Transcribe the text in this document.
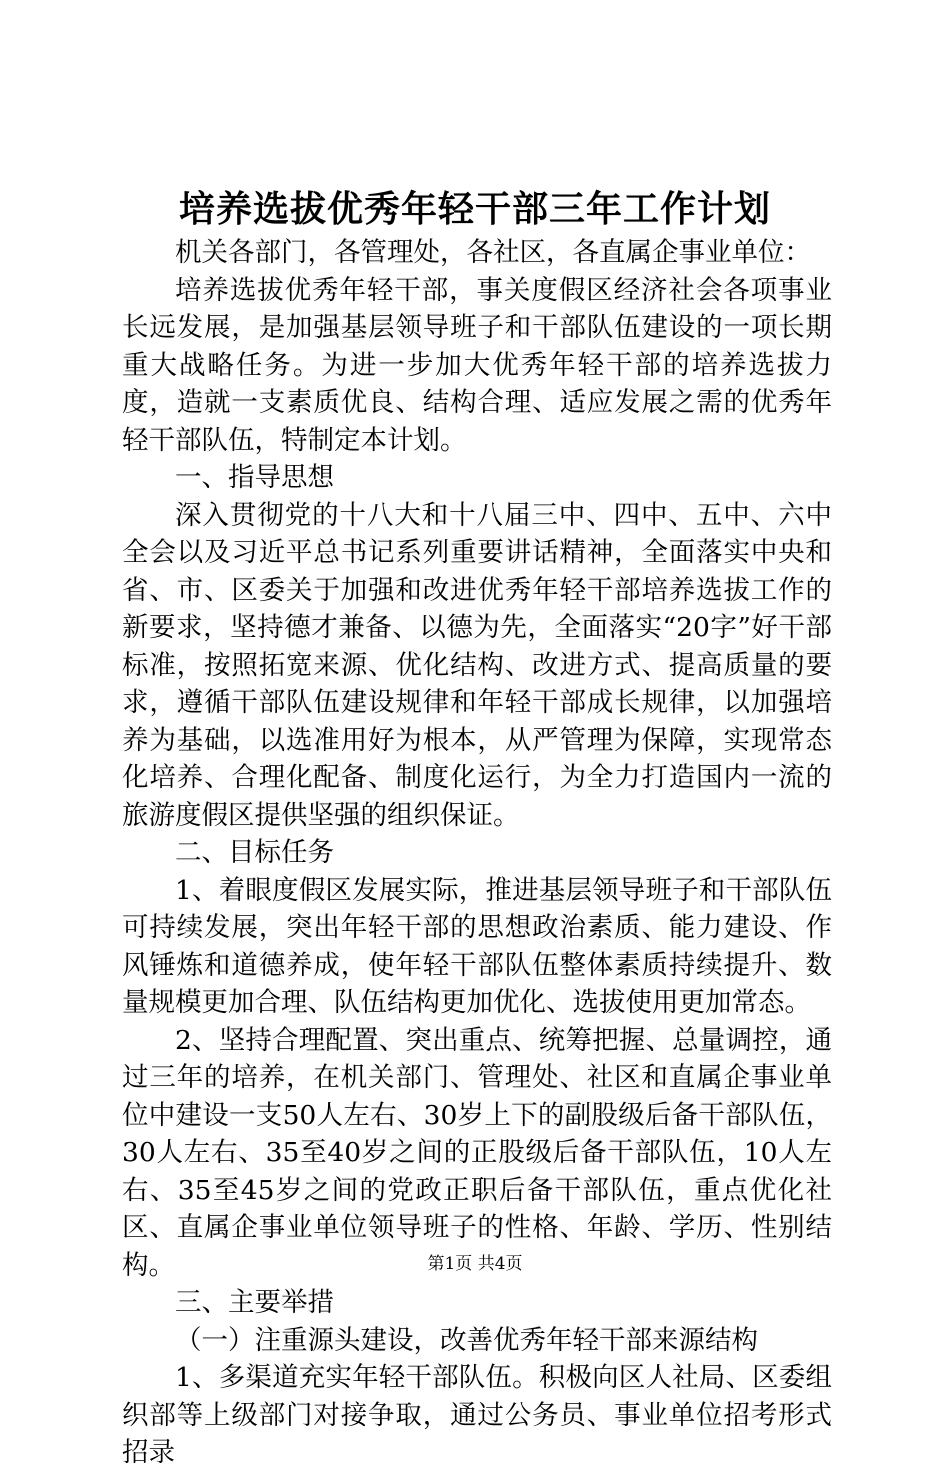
培养选拔优秀年轻干部三年工作计划

机关各部门，各管理处，各社区，各直属企事业单位：

培养选拔优秀年轻干部，事关度假区经济社会各项事业长远发展，是加强基层领导班子和干部队伍建设的一项长期重大战略任务。为进一步加大优秀年轻干部的培养选拔力度，造就一支素质优良、结构合理、适应发展之需的优秀年轻干部队伍，特制定本计划。

一、指导思想

深入贯彻党的十八大和十八届三中、四中、五中、六中全会以及习近平总书记系列重要讲话精神，全面落实中央和省、市、区委关于加强和改进优秀年轻干部培养选拔工作的新要求，坚持德才兼备、以德为先，全面落实“20字”好干部标准，按照拓宽来源、优化结构、改进方式、提高质量的要求，遵循干部队伍建设规律和年轻干部成长规律，以加强培养为基础，以选准用好为根本，从严管理为保障，实现常态化培养、合理化配备、制度化运行，为全力打造国内一流的旅游度假区提供坚强的组织保证。

二、目标任务

1、着眼度假区发展实际，推进基层领导班子和干部队伍可持续发展，突出年轻干部的思想政治素质、能力建设、作风锤炼和道德养成，使年轻干部队伍整体素质持续提升、数量规模更加合理、队伍结构更加优化、选拔使用更加常态。

2、坚持合理配置、突出重点、统筹把握、总量调控，通过三年的培养，在机关部门、管理处、社区和直属企事业单位中建设一支50人左右、30岁上下的副股级后备干部队伍，30人左右、35至40岁之间的正股级后备干部队伍，10人左右、35至45岁之间的党政正职后备干部队伍，重点优化社区、直属企事业单位领导班子的性格、年龄、学历、性别结构。

三、主要举措

（一）注重源头建设，改善优秀年轻干部来源结构

1、多渠道充实年轻干部队伍。积极向区人社局、区委组织部等上级部门对接争取，通过公务员、事业单位招考形式招录

第1页 共4页
